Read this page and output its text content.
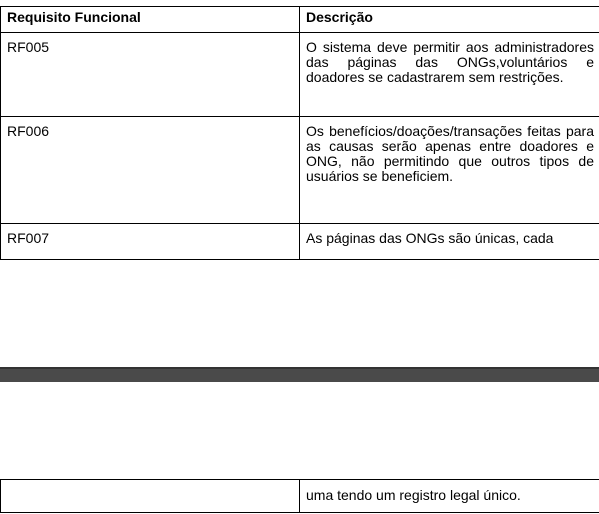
Requisito Funcional	Descrição
RF005	O sistema deve permitir aos administradores das páginas das ONGs,voluntários e doadores se cadastrarem sem restrições.
RF006	Os benefícios/doações/transações feitas para as causas serão apenas entre doadores e ONG, não permitindo que outros tipos de usuários se beneficiem.
RF007	As páginas das ONGs são únicas, cada
	uma tendo um registro legal único.
